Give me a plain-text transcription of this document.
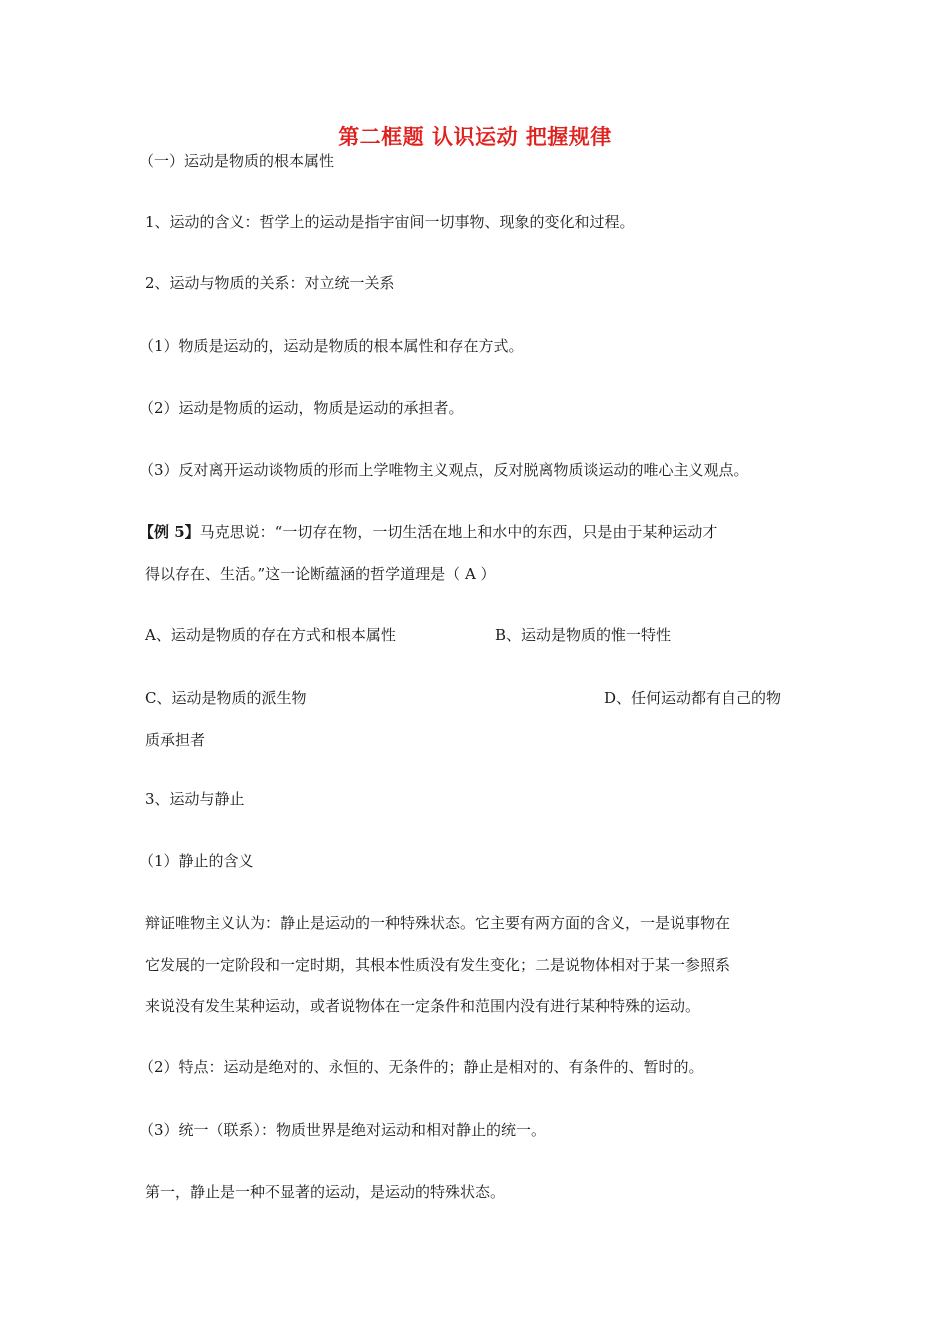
第二框题 认识运动 把握规律
（一）运动是物质的根本属性
1、运动的含义：哲学上的运动是指宇宙间一切事物、现象的变化和过程。
2、运动与物质的关系：对立统一关系
（1）物质是运动的，运动是物质的根本属性和存在方式。
（2）运动是物质的运动，物质是运动的承担者。
（3）反对离开运动谈物质的形而上学唯物主义观点，反对脱离物质谈运动的唯心主义观点。
【例 5】马克思说：“一切存在物，一切生活在地上和水中的东西，只是由于某种运动才
得以存在、生活。”这一论断蕴涵的哲学道理是（ A ）
A、运动是物质的存在方式和根本属性	B、运动是物质的惟一特性
C、运动是物质的派生物	D、任何运动都有自己的物
质承担者
3、运动与静止
（1）静止的含义
辩证唯物主义认为：静止是运动的一种特殊状态。它主要有两方面的含义，一是说事物在
它发展的一定阶段和一定时期，其根本性质没有发生变化；二是说物体相对于某一参照系
来说没有发生某种运动，或者说物体在一定条件和范围内没有进行某种特殊的运动。
（2）特点：运动是绝对的、永恒的、无条件的；静止是相对的、有条件的、暂时的。
（3）统一（联系）：物质世界是绝对运动和相对静止的统一。
第一，静止是一种不显著的运动，是运动的特殊状态。
